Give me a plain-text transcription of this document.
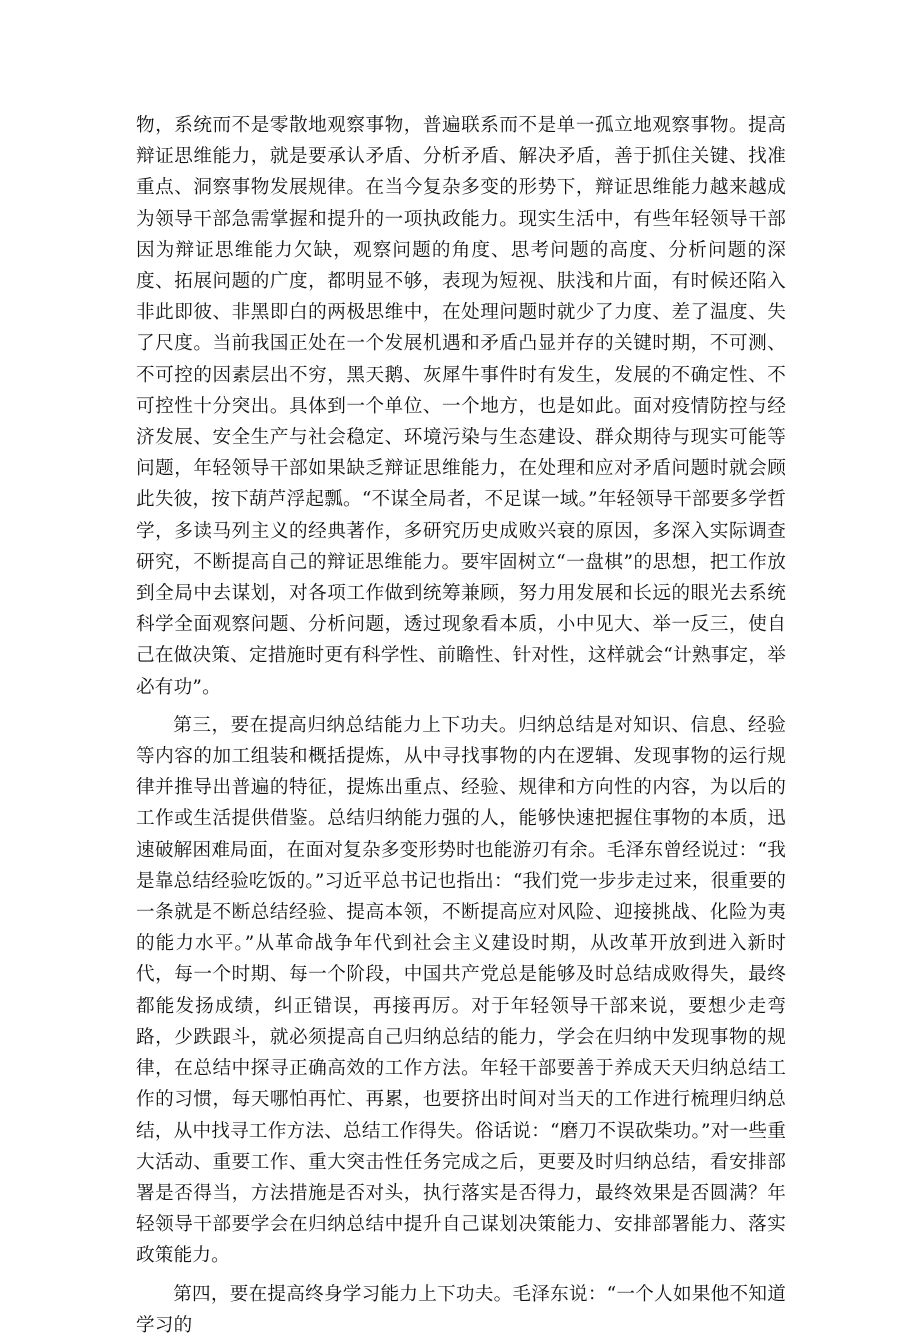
物，系统而不是零散地观察事物，普遍联系而不是单一孤立地观察事物。提高辩证思维能力，就是要承认矛盾、分析矛盾、解决矛盾，善于抓住关键、找准重点、洞察事物发展规律。在当今复杂多变的形势下，辩证思维能力越来越成为领导干部急需掌握和提升的一项执政能力。现实生活中，有些年轻领导干部因为辩证思维能力欠缺，观察问题的角度、思考问题的高度、分析问题的深度、拓展问题的广度，都明显不够，表现为短视、肤浅和片面，有时候还陷入非此即彼、非黑即白的两极思维中，在处理问题时就少了力度、差了温度、失了尺度。当前我国正处在一个发展机遇和矛盾凸显并存的关键时期，不可测、不可控的因素层出不穷，黑天鹅、灰犀牛事件时有发生，发展的不确定性、不可控性十分突出。具体到一个单位、一个地方，也是如此。面对疫情防控与经济发展、安全生产与社会稳定、环境污染与生态建设、群众期待与现实可能等问题，年轻领导干部如果缺乏辩证思维能力，在处理和应对矛盾问题时就会顾此失彼，按下葫芦浮起瓢。“不谋全局者，不足谋一域。”年轻领导干部要多学哲学，多读马列主义的经典著作，多研究历史成败兴衰的原因，多深入实际调查研究，不断提高自己的辩证思维能力。要牢固树立“一盘棋”的思想，把工作放到全局中去谋划，对各项工作做到统筹兼顾，努力用发展和长远的眼光去系统科学全面观察问题、分析问题，透过现象看本质，小中见大、举一反三，使自己在做决策、定措施时更有科学性、前瞻性、针对性，这样就会“计熟事定，举必有功”。

第三，要在提高归纳总结能力上下功夫。归纳总结是对知识、信息、经验等内容的加工组装和概括提炼，从中寻找事物的内在逻辑、发现事物的运行规律并推导出普遍的特征，提炼出重点、经验、规律和方向性的内容，为以后的工作或生活提供借鉴。总结归纳能力强的人，能够快速把握住事物的本质，迅速破解困难局面，在面对复杂多变形势时也能游刃有余。毛泽东曾经说过：“我是靠总结经验吃饭的。”习近平总书记也指出：“我们党一步步走过来，很重要的一条就是不断总结经验、提高本领，不断提高应对风险、迎接挑战、化险为夷的能力水平。”从革命战争年代到社会主义建设时期，从改革开放到进入新时代，每一个时期、每一个阶段，中国共产党总是能够及时总结成败得失，最终都能发扬成绩，纠正错误，再接再厉。对于年轻领导干部来说，要想少走弯路，少跌跟斗，就必须提高自己归纳总结的能力，学会在归纳中发现事物的规律，在总结中探寻正确高效的工作方法。年轻干部要善于养成天天归纳总结工作的习惯，每天哪怕再忙、再累，也要挤出时间对当天的工作进行梳理归纳总结，从中找寻工作方法、总结工作得失。俗话说：“磨刀不误砍柴功。”对一些重大活动、重要工作、重大突击性任务完成之后，更要及时归纳总结，看安排部署是否得当，方法措施是否对头，执行落实是否得力，最终效果是否圆满？年轻领导干部要学会在归纳总结中提升自己谋划决策能力、安排部署能力、落实政策能力。

第四，要在提高终身学习能力上下功夫。毛泽东说：“一个人如果他不知道学习的
